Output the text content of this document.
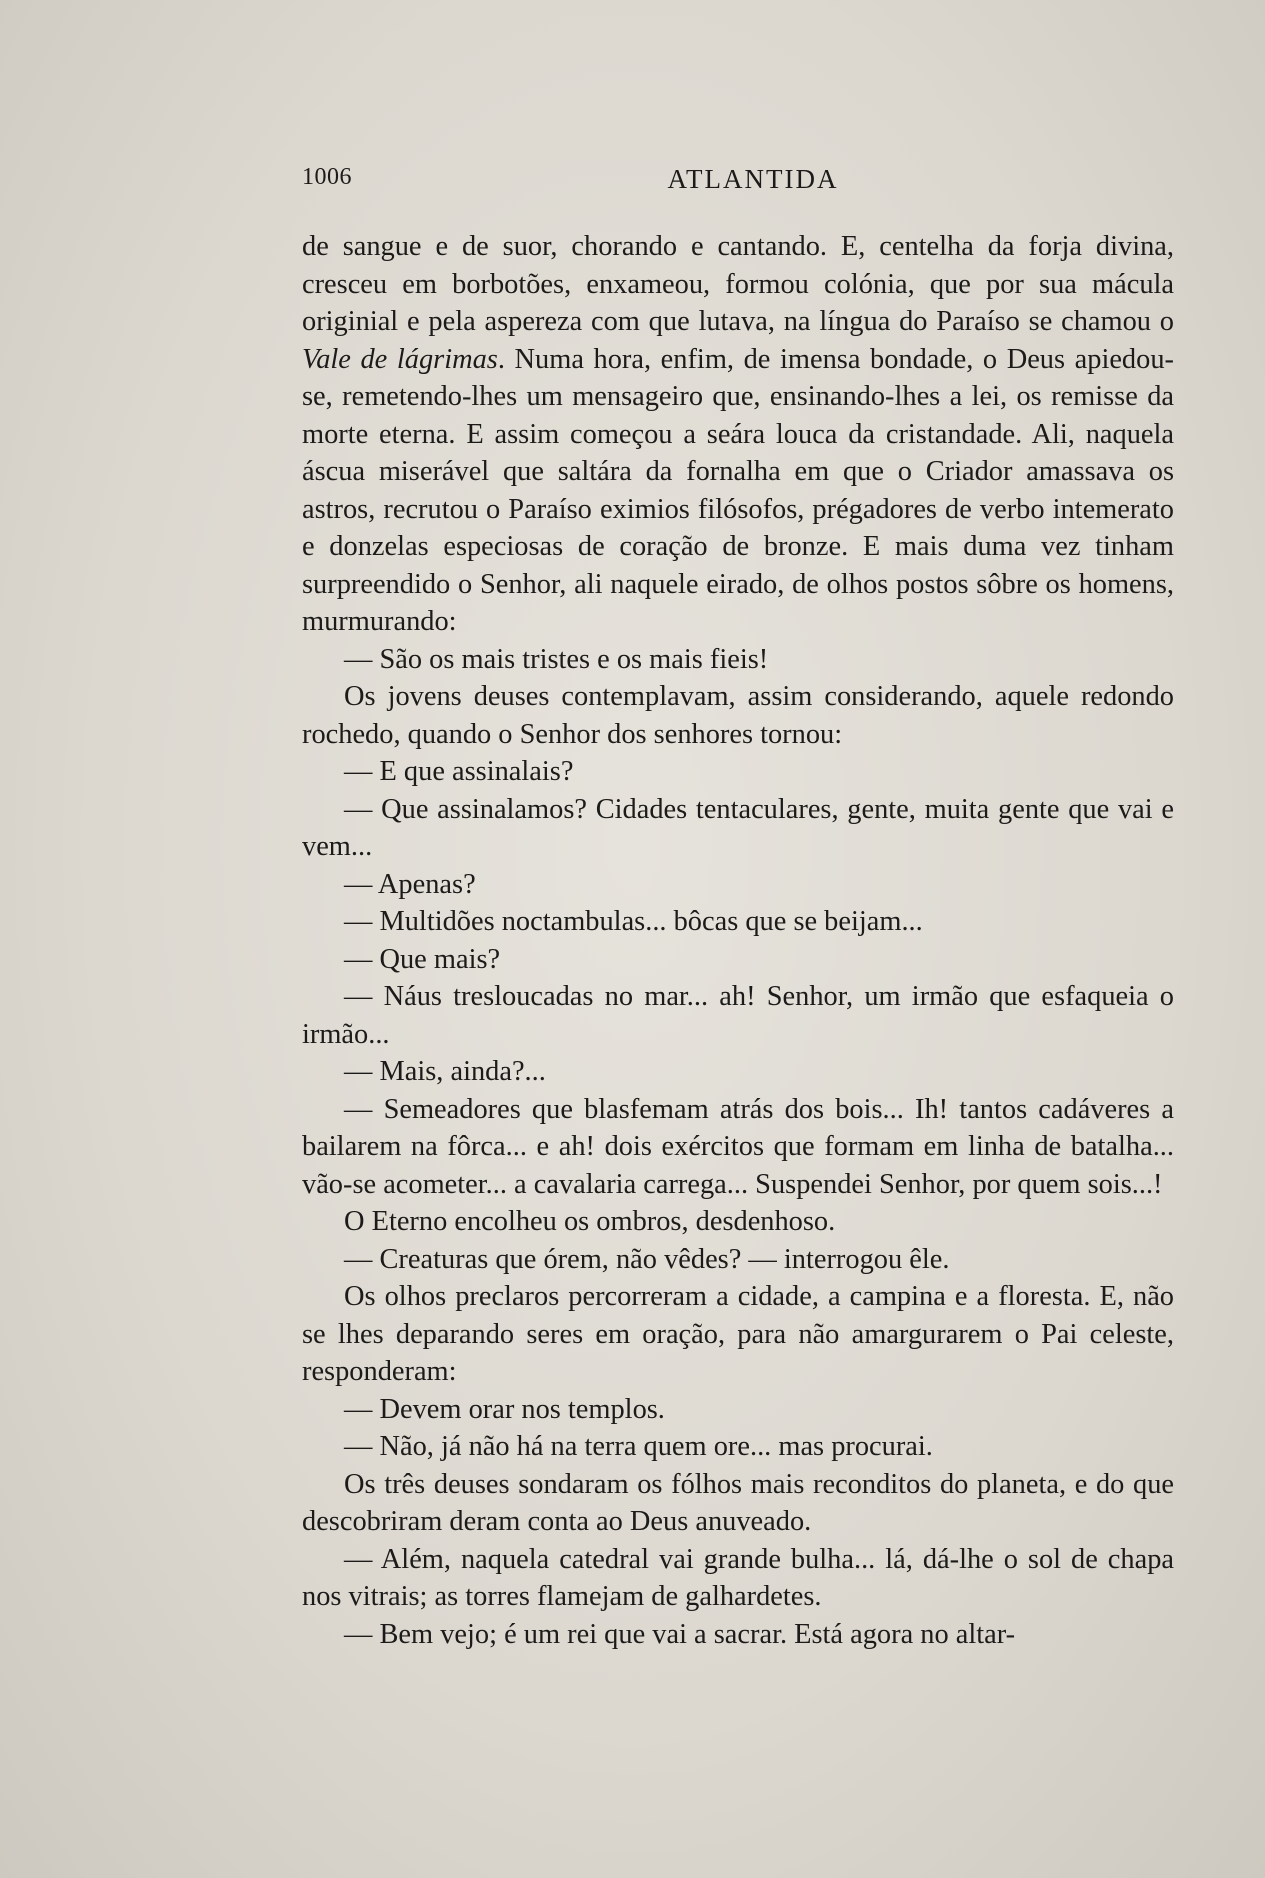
1006	ATLANTIDA

de sangue e de suor, chorando e cantando. E, centelha da forja divina, cresceu em borbotões, enxameou, formou colónia, que por sua mácula originial e pela aspereza com que lutava, na língua do Paraíso se chamou o Vale de lágrimas. Numa hora, enfim, de imensa bondade, o Deus apiedou-se, remetendo-lhes um mensageiro que, ensinando-lhes a lei, os remisse da morte eterna. E assim começou a seára louca da cristandade. Ali, naquela áscua miserável que saltára da fornalha em que o Criador amassava os astros, recrutou o Paraíso eximios filósofos, prégadores de verbo intemerato e donzelas especiosas de coração de bronze. E mais duma vez tinham surpreendido o Senhor, ali naquele eirado, de olhos postos sôbre os homens, murmurando:

— São os mais tristes e os mais fieis!

Os jovens deuses contemplavam, assim considerando, aquele redondo rochedo, quando o Senhor dos senhores tornou:

— E que assinalais?

— Que assinalamos? Cidades tentaculares, gente, muita gente que vai e vem...

— Apenas?

— Multidões noctambulas... bôcas que se beijam...

— Que mais?

— Náus tresloucadas no mar... ah! Senhor, um irmão que esfaqueia o irmão...

— Mais, ainda?...

— Semeadores que blasfemam atrás dos bois... Ih! tantos cadáveres a bailarem na fôrca... e ah! dois exércitos que formam em linha de batalha... vão-se acometer... a cavalaria carrega... Suspendei Senhor, por quem sois...!

O Eterno encolheu os ombros, desdenhoso.

— Creaturas que órem, não vêdes? — interrogou êle.

Os olhos preclaros percorreram a cidade, a campina e a floresta. E, não se lhes deparando seres em oração, para não amargurarem o Pai celeste, responderam:

— Devem orar nos templos.

— Não, já não há na terra quem ore... mas procurai.

Os três deuses sondaram os fólhos mais reconditos do planeta, e do que descobriram deram conta ao Deus anuveado.

— Além, naquela catedral vai grande bulha... lá, dá-lhe o sol de chapa nos vitrais; as torres flamejam de galhardetes.

— Bem vejo; é um rei que vai a sacrar. Está agora no altar-
